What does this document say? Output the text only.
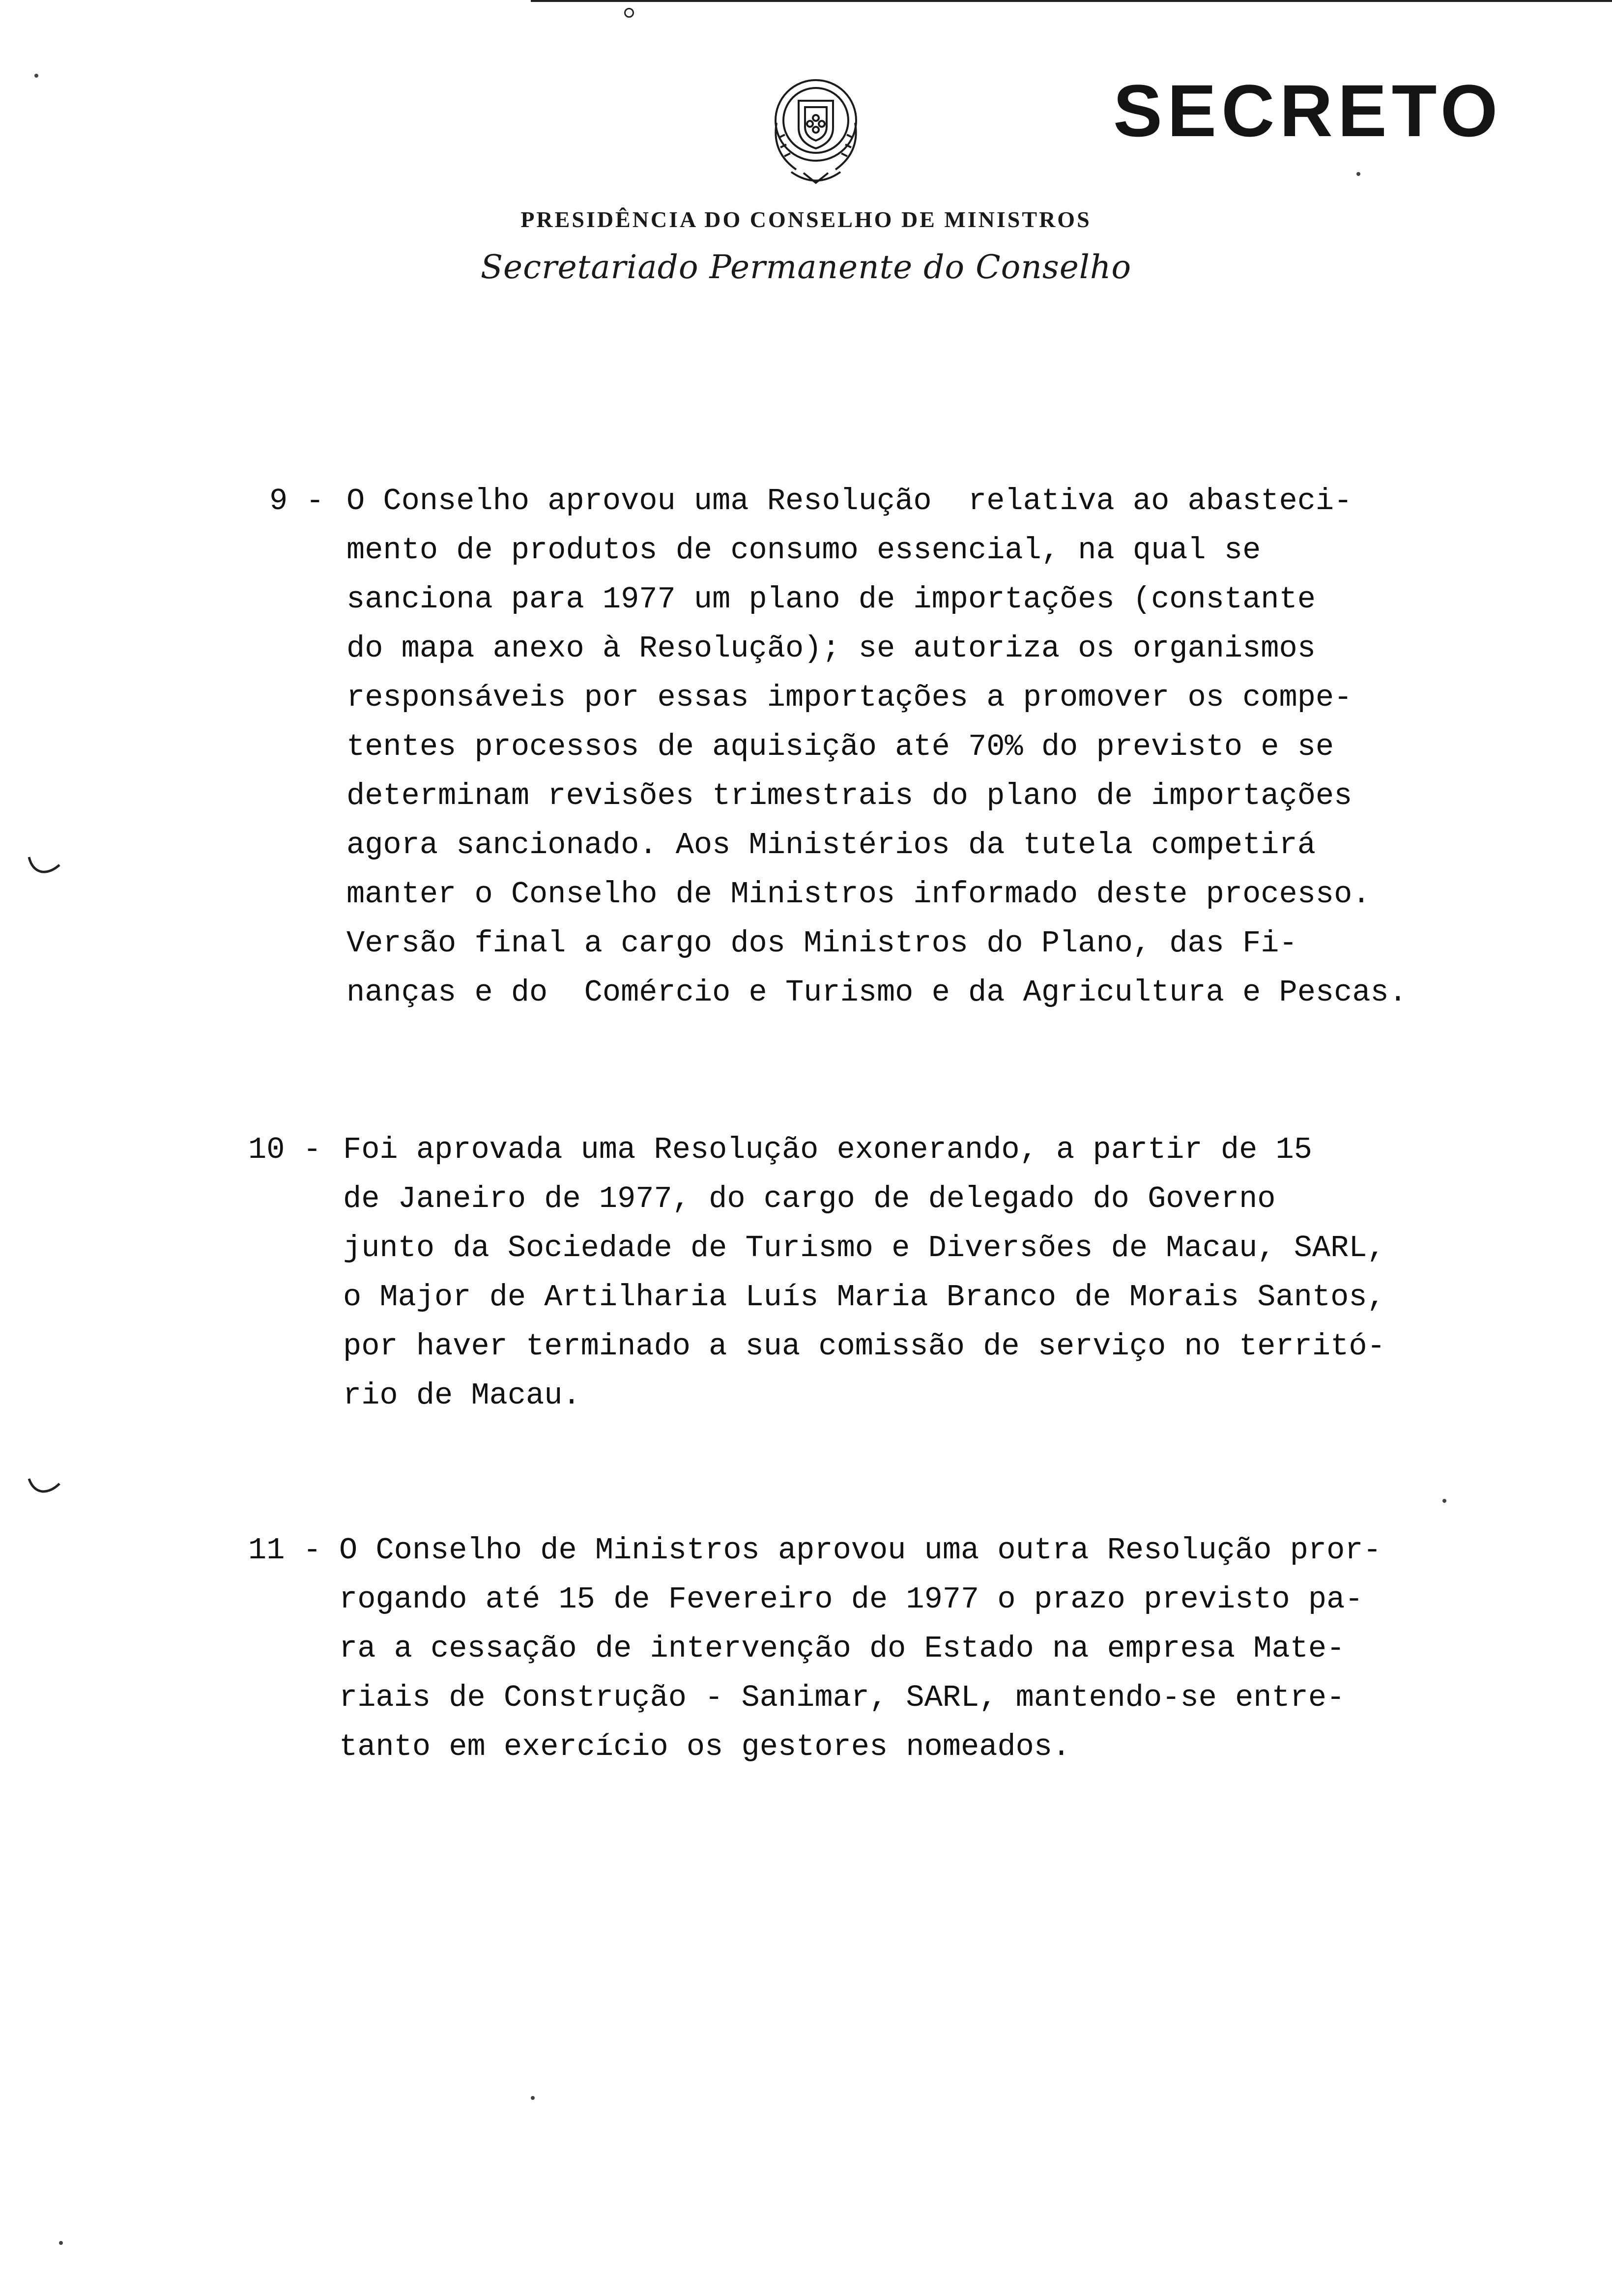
SECRETO
PRESIDÊNCIA DO CONSELHO DE MINISTROS
Secretariado Permanente do Conselho
9 - O Conselho aprovou uma Resolução  relativa ao abasteci-
mento de produtos de consumo essencial, na qual se
sanciona para 1977 um plano de importações (constante
do mapa anexo à Resolução); se autoriza os organismos
responsáveis por essas importações a promover os compe-
tentes processos de aquisição até 70% do previsto e se
determinam revisões trimestrais do plano de importações
agora sancionado. Aos Ministérios da tutela competirá
manter o Conselho de Ministros informado deste processo.
Versão final a cargo dos Ministros do Plano, das Fi-
nanças e do  Comércio e Turismo e da Agricultura e Pescas.
10 - Foi aprovada uma Resolução exonerando, a partir de 15
de Janeiro de 1977, do cargo de delegado do Governo
junto da Sociedade de Turismo e Diversões de Macau, SARL,
o Major de Artilharia Luís Maria Branco de Morais Santos,
por haver terminado a sua comissão de serviço no territó-
rio de Macau.
11 - O Conselho de Ministros aprovou uma outra Resolução pror-
rogando até 15 de Fevereiro de 1977 o prazo previsto pa-
ra a cessação de intervenção do Estado na empresa Mate-
riais de Construção - Sanimar, SARL, mantendo-se entre-
tanto em exercício os gestores nomeados.
